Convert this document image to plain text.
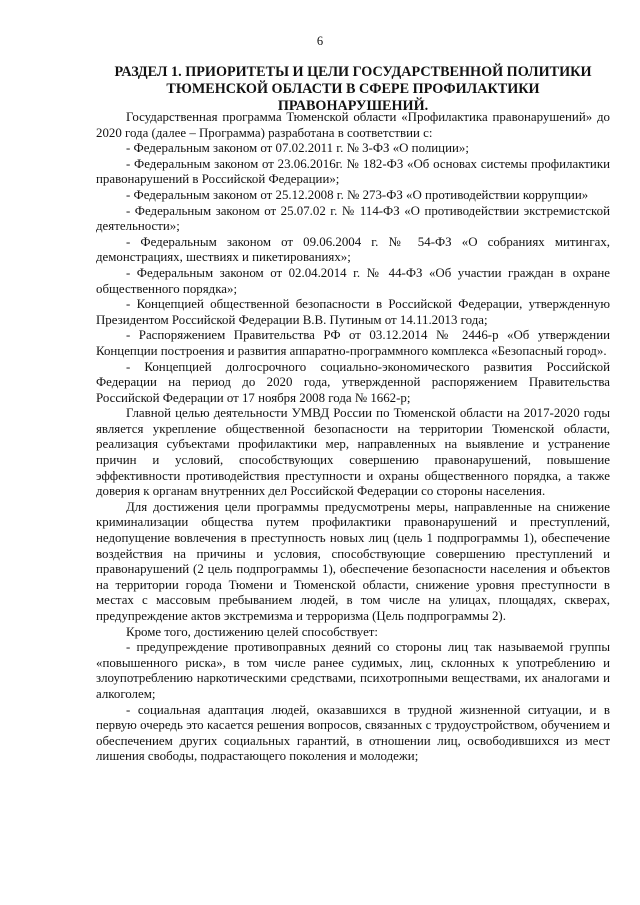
6
РАЗДЕЛ 1. ПРИОРИТЕТЫ И ЦЕЛИ ГОСУДАРСТВЕННОЙ ПОЛИТИКИ
ТЮМЕНСКОЙ ОБЛАСТИ В СФЕРЕ ПРОФИЛАКТИКИ ПРАВОНАРУШЕНИЙ.

Государственная программа Тюменской области «Профилактика правонарушений» до 2020 года (далее – Программа) разработана в соответствии с:

- Федеральным законом от 07.02.2011 г. № 3-ФЗ «О полиции»;

- Федеральным законом от 23.06.2016г. № 182-ФЗ «Об основах системы профилактики правонарушений в Российской Федерации»;

- Федеральным законом от 25.12.2008 г. № 273-ФЗ «О противодействии коррупции»

- Федеральным законом от 25.07.02 г. № 114-ФЗ «О противодействии экстремистской деятельности»;

- Федеральным законом от 09.06.2004 г. № 54-ФЗ «О собраниях митингах, демонстрациях, шествиях и пикетированиях»;

- Федеральным законом от 02.04.2014 г. № 44-ФЗ «Об участии граждан в охране общественного порядка»;

- Концепцией общественной безопасности в Российской Федерации, утвержденную Президентом Российской Федерации В.В. Путиным от 14.11.2013 года;

- Распоряжением Правительства РФ от 03.12.2014 № 2446-р «Об утверждении Концепции построения и развития аппаратно-программного комплекса «Безопасный город».

- Концепцией долгосрочного социально-экономического развития Российской Федерации на период до 2020 года, утвержденной распоряжением Правительства Российской Федерации от 17 ноября 2008 года № 1662-р;

Главной целью деятельности УМВД России по Тюменской области на 2017-2020 годы является укрепление общественной безопасности на территории Тюменской области, реализация субъектами профилактики мер, направленных на выявление и устранение причин и условий, способствующих совершению правонарушений, повышение эффективности противодействия преступности и охраны общественного порядка, а также доверия к органам внутренних дел Российской Федерации со стороны населения.

Для достижения цели программы предусмотрены меры, направленные на снижение криминализации общества путем профилактики правонарушений и преступлений, недопущение вовлечения в преступность новых лиц (цель 1 подпрограммы 1), обеспечение воздействия на причины и условия, способствующие совершению преступлений и правонарушений (2 цель подпрограммы 1), обеспечение безопасности населения и объектов на территории города Тюмени и Тюменской области, снижение уровня преступности в местах с массовым пребыванием людей, в том числе на улицах, площадях, скверах, предупреждение актов экстремизма и терроризма (Цель подпрограммы 2).

Кроме того, достижению целей способствует:

- предупреждение противоправных деяний со стороны лиц так называемой группы «повышенного риска», в том числе ранее судимых, лиц, склонных к употреблению и злоупотреблению наркотическими средствами, психотропными веществами, их аналогами и алкоголем;

- социальная адаптация людей, оказавшихся в трудной жизненной ситуации, и в первую очередь это касается решения вопросов, связанных с трудоустройством, обучением и обеспечением других социальных гарантий, в отношении лиц, освободившихся из мест лишения свободы, подрастающего поколения и молодежи;
